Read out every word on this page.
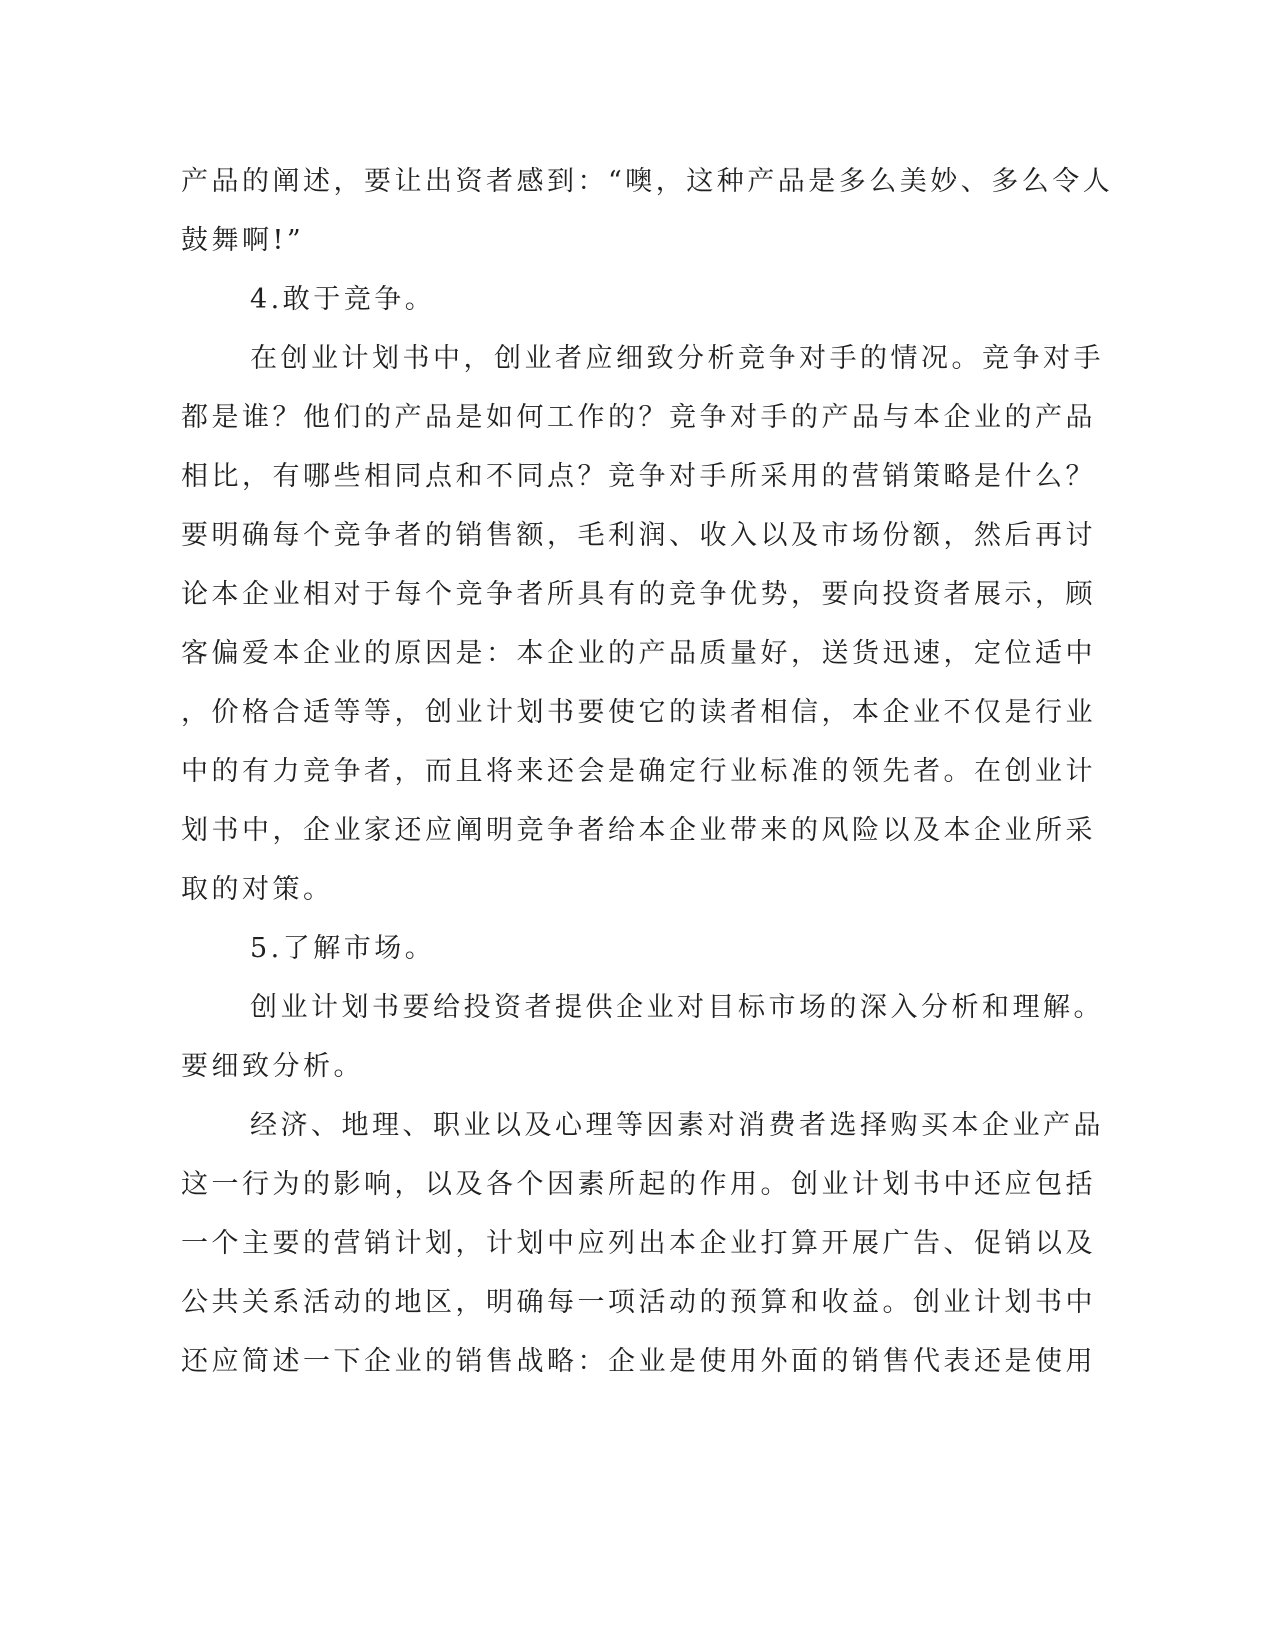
产品的阐述，要让出资者感到：“噢，这种产品是多么美妙、多么令人
鼓舞啊!”
4.敢于竞争。
在创业计划书中，创业者应细致分析竞争对手的情况。竞争对手
都是谁？他们的产品是如何工作的？竞争对手的产品与本企业的产品
相比，有哪些相同点和不同点？竞争对手所采用的营销策略是什么？
要明确每个竞争者的销售额，毛利润、收入以及市场份额，然后再讨
论本企业相对于每个竞争者所具有的竞争优势，要向投资者展示，顾
客偏爱本企业的原因是：本企业的产品质量好，送货迅速，定位适中
，价格合适等等，创业计划书要使它的读者相信，本企业不仅是行业
中的有力竞争者，而且将来还会是确定行业标准的领先者。在创业计
划书中，企业家还应阐明竞争者给本企业带来的风险以及本企业所采
取的对策。
5.了解市场。
创业计划书要给投资者提供企业对目标市场的深入分析和理解。
要细致分析。
经济、地理、职业以及心理等因素对消费者选择购买本企业产品
这一行为的影响，以及各个因素所起的作用。创业计划书中还应包括
一个主要的营销计划，计划中应列出本企业打算开展广告、促销以及
公共关系活动的地区，明确每一项活动的预算和收益。创业计划书中
还应简述一下企业的销售战略：企业是使用外面的销售代表还是使用
